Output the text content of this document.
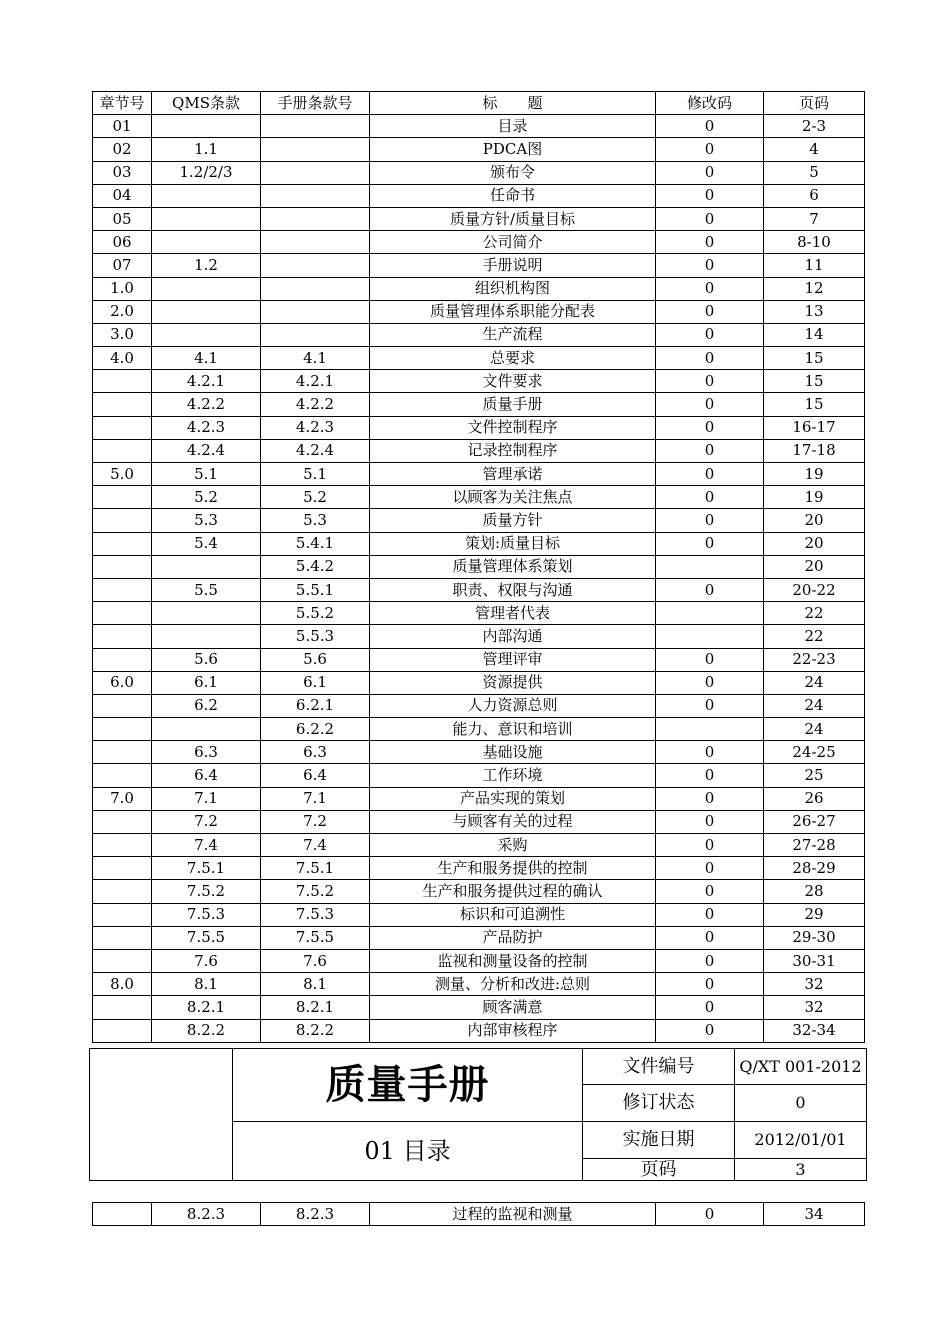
章节号	QMS条款	手册条款号	标　　题	修改码	页码
01			目录	0	2-3
02	1.1		PDCA图	0	4
03	1.2/2/3		颁布令	0	5
04			任命书	0	6
05			质量方针/质量目标	0	7
06			公司简介	0	8-10
07	1.2		手册说明	0	11
1.0			组织机构图	0	12
2.0			质量管理体系职能分配表	0	13
3.0			生产流程	0	14
4.0	4.1	4.1	总要求	0	15
	4.2.1	4.2.1	文件要求	0	15
	4.2.2	4.2.2	质量手册	0	15
	4.2.3	4.2.3	文件控制程序	0	16-17
	4.2.4	4.2.4	记录控制程序	0	17-18
5.0	5.1	5.1	管理承诺	0	19
	5.2	5.2	以顾客为关注焦点	0	19
	5.3	5.3	质量方针	0	20
	5.4	5.4.1	策划:质量目标	0	20
		5.4.2	质量管理体系策划		20
	5.5	5.5.1	职责、权限与沟通	0	20-22
		5.5.2	管理者代表		22
		5.5.3	内部沟通		22
	5.6	5.6	管理评审	0	22-23
6.0	6.1	6.1	资源提供	0	24
	6.2	6.2.1	人力资源总则	0	24
		6.2.2	能力、意识和培训		24
	6.3	6.3	基础设施	0	24-25
	6.4	6.4	工作环境	0	25
7.0	7.1	7.1	产品实现的策划	0	26
	7.2	7.2	与顾客有关的过程	0	26-27
	7.4	7.4	采购	0	27-28
	7.5.1	7.5.1	生产和服务提供的控制	0	28-29
	7.5.2	7.5.2	生产和服务提供过程的确认	0	28
	7.5.3	7.5.3	标识和可追溯性	0	29
	7.5.5	7.5.5	产品防护	0	29-30
	7.6	7.6	监视和测量设备的控制	0	30-31
8.0	8.1	8.1	测量、分析和改进:总则	0	32
	8.2.1	8.2.1	顾客满意	0	32
	8.2.2	8.2.2	内部审核程序	0	32-34
	质量手册	文件编号	Q/XT 001-2012
		修订状态	0
	01 目录	实施日期	2012/01/01
		页码	3
	8.2.3	8.2.3	过程的监视和测量	0	34
